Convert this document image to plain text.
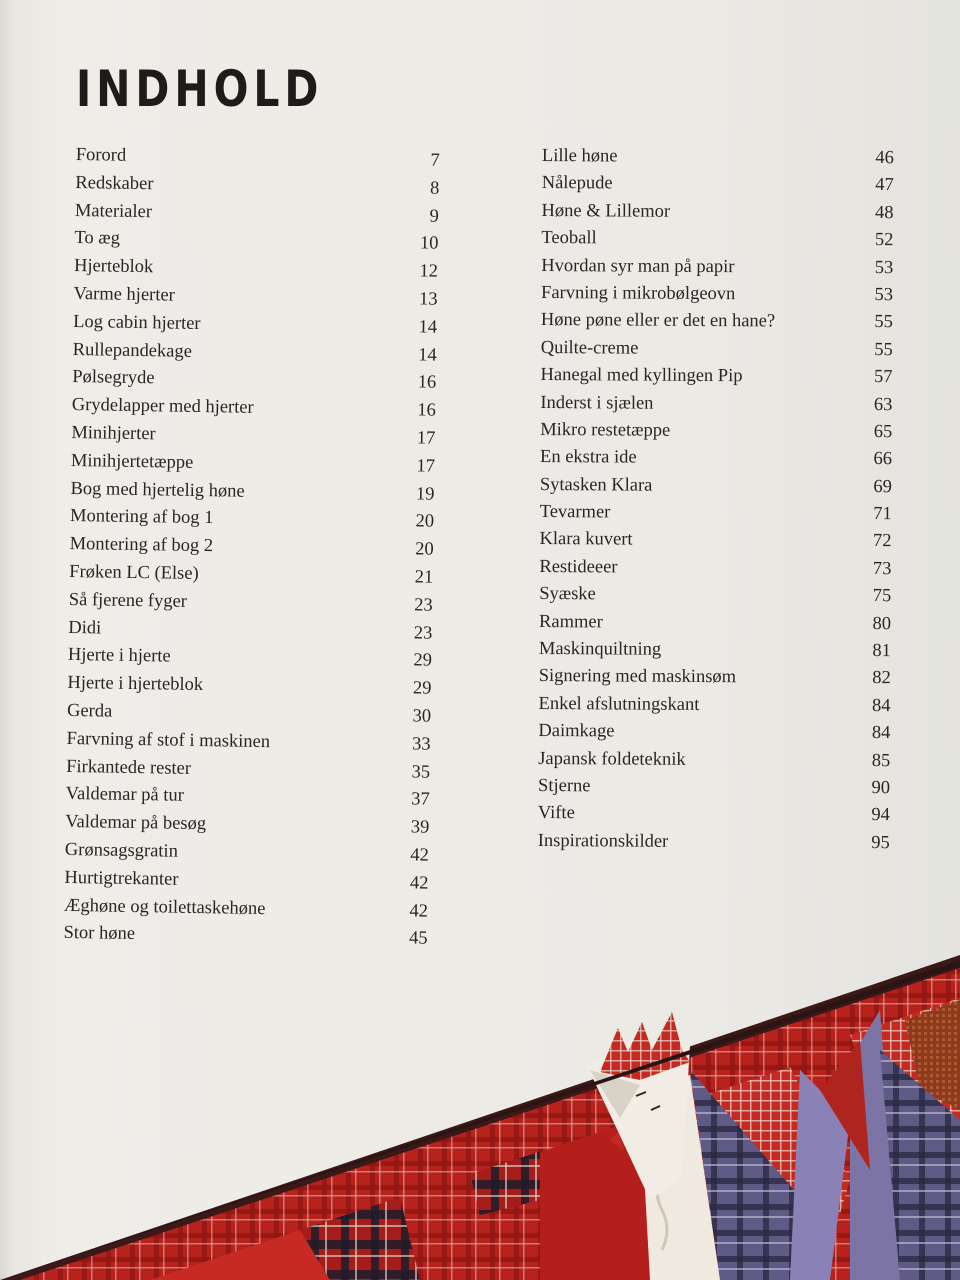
INDHOLD
Forord	7
Redskaber	8
Materialer	9
To æg	10
Hjerteblok	12
Varme hjerter	13
Log cabin hjerter	14
Rullepandekage	14
Pølsegryde	16
Grydelapper med hjerter	16
Minihjerter	17
Minihjertetæppe	17
Bog med hjertelig høne	19
Montering af bog 1	20
Montering af bog 2	20
Frøken LC (Else)	21
Så fjerene fyger	23
Didi	23
Hjerte i hjerte	29
Hjerte i hjerteblok	29
Gerda	30
Farvning af stof i maskinen	33
Firkantede rester	35
Valdemar på tur	37
Valdemar på besøg	39
Grønsagsgratin	42
Hurtigtrekanter	42
Æghøne og toilettaskehøne	42
Stor høne	45
Lille høne	46
Nålepude	47
Høne & Lillemor	48
Teoball	52
Hvordan syr man på papir	53
Farvning i mikrobølgeovn	53
Høne pøne eller er det en hane?	55
Quilte-creme	55
Hanegal med kyllingen Pip	57
Inderst i sjælen	63
Mikro restetæppe	65
En ekstra ide	66
Sytasken Klara	69
Tevarmer	71
Klara kuvert	72
Restideeer	73
Syæske	75
Rammer	80
Maskinquiltning	81
Signering med maskinsøm	82
Enkel afslutningskant	84
Daimkage	84
Japansk foldeteknik	85
Stjerne	90
Vifte	94
Inspirationskilder	95
